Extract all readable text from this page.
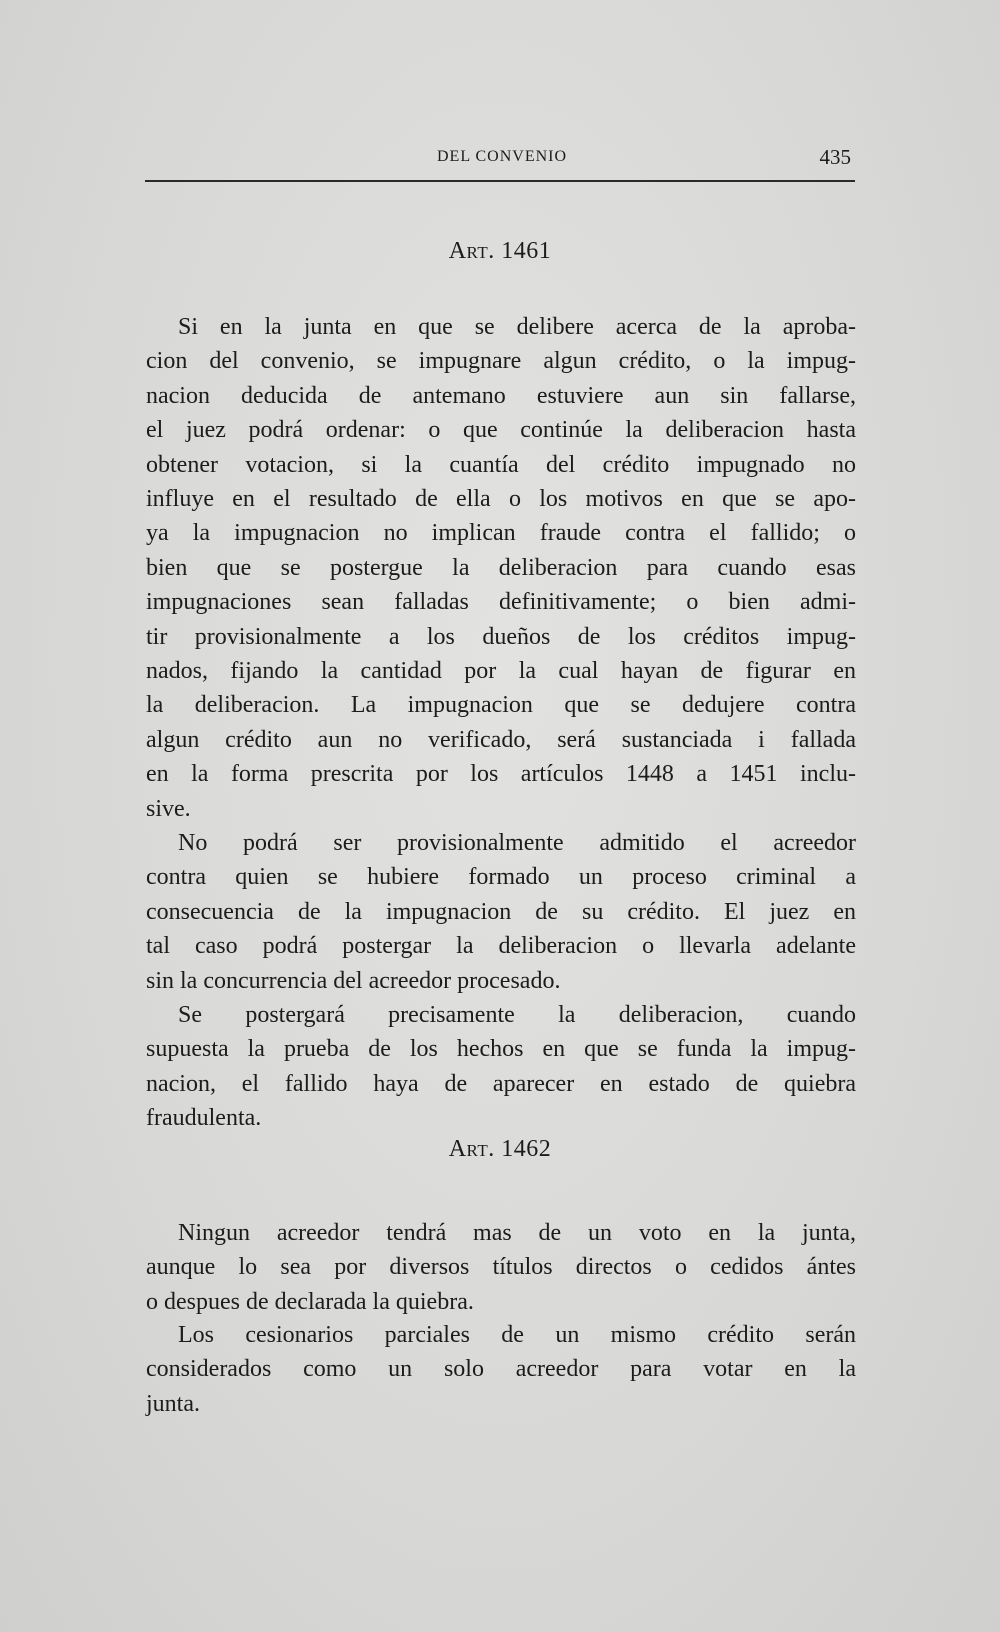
DEL CONVENIO	435
Art. 1461
Si en la junta en que se delibere acerca de la aproba-
cion del convenio, se impugnare algun crédito, o la impug-
nacion deducida de antemano estuviere aun sin fallarse,
el juez podrá ordenar: o que continúe la deliberacion hasta
obtener votacion, si la cuantía del crédito impugnado no
influye en el resultado de ella o los motivos en que se apo-
ya la impugnacion no implican fraude contra el fallido; o
bien que se postergue la deliberacion para cuando esas
impugnaciones sean falladas definitivamente; o bien admi-
tir provisionalmente a los dueños de los créditos impug-
nados, fijando la cantidad por la cual hayan de figurar en
la deliberacion. La impugnacion que se dedujere contra
algun crédito aun no verificado, será sustanciada i fallada
en la forma prescrita por los artículos 1448 a 1451 inclu-
sive.
No podrá ser provisionalmente admitido el acreedor
contra quien se hubiere formado un proceso criminal a
consecuencia de la impugnacion de su crédito. El juez en
tal caso podrá postergar la deliberacion o llevarla adelante
sin la concurrencia del acreedor procesado.
Se postergará precisamente la deliberacion, cuando
supuesta la prueba de los hechos en que se funda la impug-
nacion, el fallido haya de aparecer en estado de quiebra
fraudulenta.
Art. 1462
Ningun acreedor tendrá mas de un voto en la junta,
aunque lo sea por diversos títulos directos o cedidos ántes
o despues de declarada la quiebra.
Los cesionarios parciales de un mismo crédito serán
considerados como un solo acreedor para votar en la
junta.
